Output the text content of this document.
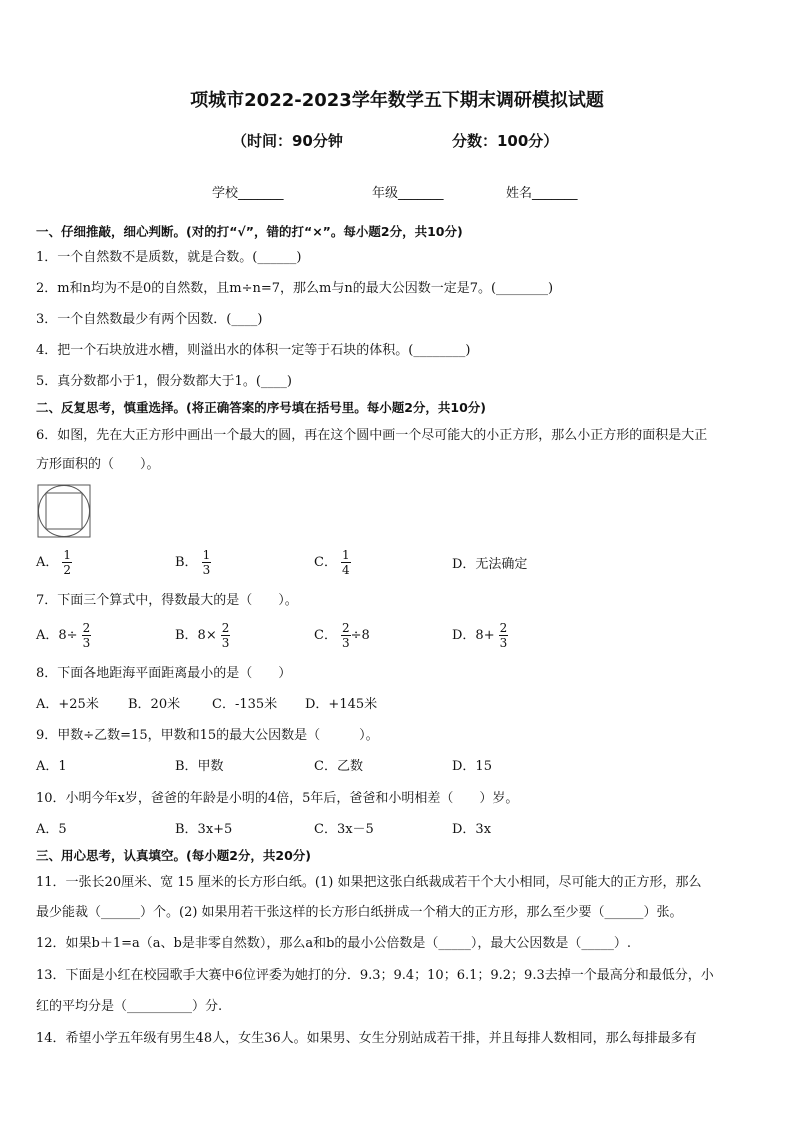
项城市2022-2023学年数学五下期末调研模拟试题
（时间：90分钟	分数：100分）
学校_______	年级_______	姓名_______
一、仔细推敲，细心判断。(对的打“√”，错的打“×”。每小题2分，共10分)
1．一个自然数不是质数，就是合数。(______)
2．m和n均为不是0的自然数，且m÷n=7，那么m与n的最大公因数一定是7。(________)
3．一个自然数最少有两个因数．(____)
4．把一个石块放进水槽，则溢出水的体积一定等于石块的体积。(________)
5．真分数都小于1，假分数都大于1。(____)
二、反复思考，慎重选择。(将正确答案的序号填在括号里。每小题2分，共10分)
6．如图，先在大正方形中画出一个最大的圆，再在这个圆中画一个尽可能大的小正方形，那么小正方形的面积是大正
方形面积的（　　）。
A． $\frac{1}{2}$	B． $\frac{1}{3}$	C． $\frac{1}{4}$	D．无法确定
7．下面三个算式中，得数最大的是（　　）。
A．$8\div \frac{2}{3}$	B．$8\times \frac{2}{3}$	C． $\frac{2}{3} \div 8$	D．$8+ \frac{2}{3}$
8．下面各地距海平面距离最小的是（　　）
A．+25米 B．20米 C．-135米 D．+145米
9．甲数÷乙数=15，甲数和15的最大公因数是（　　　）。
A．1	B．甲数	C．乙数	D．15
10．小明今年x岁，爸爸的年龄是小明的4倍，5年后，爸爸和小明相差（　　）岁。
A．5	B．3x+5	C．3x－5	D．3x
三、用心思考，认真填空。(每小题2分，共20分)
11．一张长20厘米、宽 15 厘米的长方形白纸。(1) 如果把这张白纸裁成若干个大小相同，尽可能大的正方形，那么
最少能裁（______）个。(2) 如果用若干张这样的长方形白纸拼成一个稍大的正方形，那么至少要（______）张。
12．如果b＋1=a（a、b是非零自然数），那么a和b的最小公倍数是（_____），最大公因数是（_____）.
13．下面是小红在校园歌手大赛中6位评委为她打的分．9.3；9.4；10；6.1；9.2；9.3去掉一个最高分和最低分，小
红的平均分是（__________）分.
14．希望小学五年级有男生48人，女生36人。如果男、女生分别站成若干排，并且每排人数相同，那么每排最多有
